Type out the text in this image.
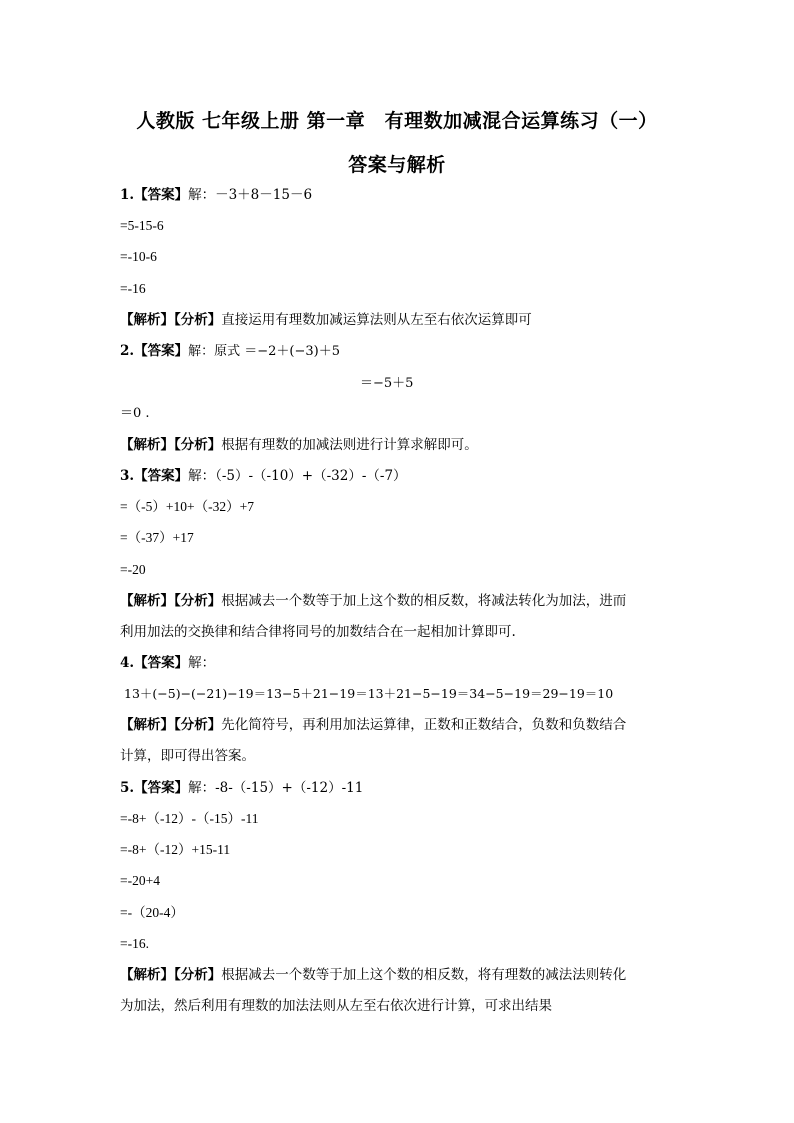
人教版 七年级上册 第一章　有理数加减混合运算练习（一）
答案与解析
1.【答案】解：－3＋8－15－6
=5-15-6
=-10-6
=-16
【解析】【分析】直接运用有理数加减运算法则从左至右依次运算即可
2.【答案】解：原式 ＝−2＋(−3)＋5
＝−5＋5
＝0 .
【解析】【分析】根据有理数的加减法则进行计算求解即可。
3.【答案】解：（-5）-（-10）+（-32）-（-7）
=（-5）+10+（-32）+7
=（-37）+17
=-20
【解析】【分析】根据减去一个数等于加上这个数的相反数，将减法转化为加法，进而
利用加法的交换律和结合律将同号的加数结合在一起相加计算即可.
4.【答案】解：
13＋(−5)−(−21)−19＝13−5＋21−19＝13＋21−5−19＝34−5−19＝29−19＝10
【解析】【分析】先化简符号，再利用加法运算律，正数和正数结合，负数和负数结合
计算，即可得出答案。
5.【答案】解：-8-（-15）+（-12）-11
=-8+（-12）-（-15）-11
=-8+（-12）+15-11
=-20+4
=-（20-4）
=-16.
【解析】【分析】根据减去一个数等于加上这个数的相反数，将有理数的减法法则转化
为加法，然后利用有理数的加法法则从左至右依次进行计算，可求出结果
